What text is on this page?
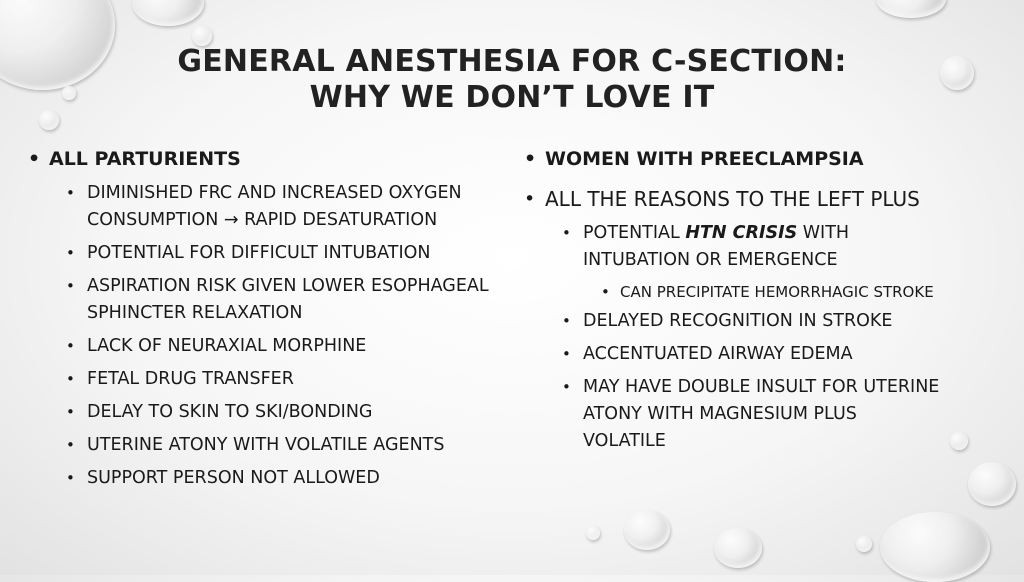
GENERAL ANESTHESIA FOR C-SECTION:
WHY WE DON’T LOVE IT
• ALL PARTURIENTS
• DIMINISHED FRC AND INCREASED OXYGEN CONSUMPTION → RAPID DESATURATION
• POTENTIAL FOR DIFFICULT INTUBATION
• ASPIRATION RISK GIVEN LOWER ESOPHAGEAL SPHINCTER RELAXATION
• LACK OF NEURAXIAL MORPHINE
• FETAL DRUG TRANSFER
• DELAY TO SKIN TO SKI/BONDING
• UTERINE ATONY WITH VOLATILE AGENTS
• SUPPORT PERSON NOT ALLOWED
• WOMEN WITH PREECLAMPSIA
• ALL THE REASONS TO THE LEFT PLUS
• POTENTIAL HTN CRISIS WITH INTUBATION OR EMERGENCE
• CAN PRECIPITATE HEMORRHAGIC STROKE
• DELAYED RECOGNITION IN STROKE
• ACCENTUATED AIRWAY EDEMA
• MAY HAVE DOUBLE INSULT FOR UTERINE ATONY WITH MAGNESIUM PLUS VOLATILE
